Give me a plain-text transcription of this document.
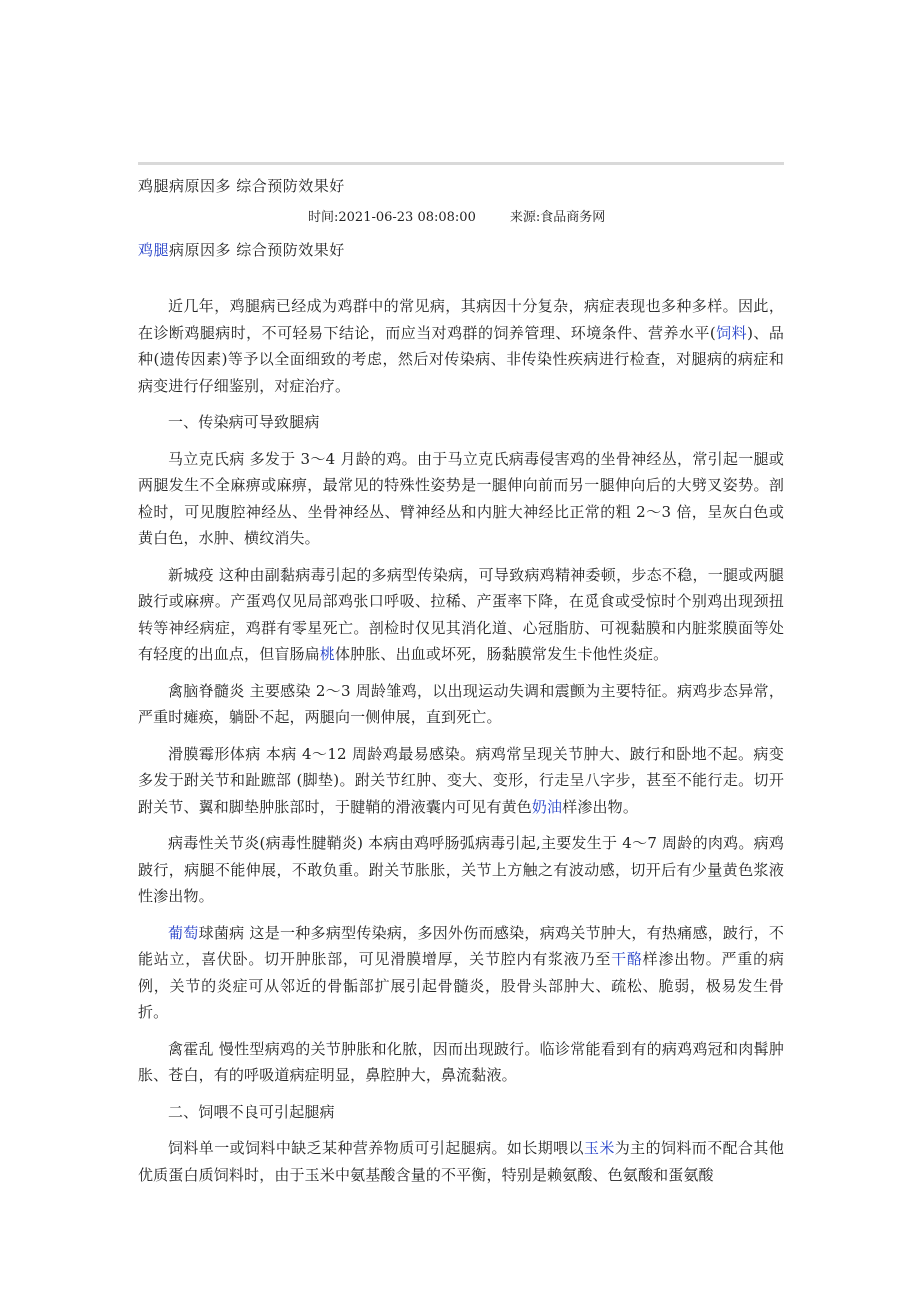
鸡腿病原因多 综合预防效果好
时间:2021-06-23 08:08:00	来源:食品商务网
鸡腿病原因多 综合预防效果好

近几年，鸡腿病已经成为鸡群中的常见病，其病因十分复杂，病症表现也多种多样。因此，在诊断鸡腿病时，不可轻易下结论，而应当对鸡群的饲养管理、环境条件、营养水平(饲料)、品种(遗传因素)等予以全面细致的考虑，然后对传染病、非传染性疾病进行检查，对腿病的病症和病变进行仔细鉴别，对症治疗。

一、传染病可导致腿病

马立克氏病 多发于 3～4 月龄的鸡。由于马立克氏病毒侵害鸡的坐骨神经丛，常引起一腿或两腿发生不全麻痹或麻痹，最常见的特殊性姿势是一腿伸向前而另一腿伸向后的大劈叉姿势。剖检时，可见腹腔神经丛、坐骨神经丛、臂神经丛和内脏大神经比正常的粗 2～3 倍，呈灰白色或黄白色，水肿、横纹消失。

新城疫 这种由副黏病毒引起的多病型传染病，可导致病鸡精神委顿，步态不稳，一腿或两腿跛行或麻痹。产蛋鸡仅见局部鸡张口呼吸、拉稀、产蛋率下降，在觅食或受惊时个别鸡出现颈扭转等神经病症，鸡群有零星死亡。剖检时仅见其消化道、心冠脂肪、可视黏膜和内脏浆膜面等处有轻度的出血点，但盲肠扁桃体肿胀、出血或坏死，肠黏膜常发生卡他性炎症。

禽脑脊髓炎 主要感染 2～3 周龄雏鸡，以出现运动失调和震颤为主要特征。病鸡步态异常，严重时瘫痪，躺卧不起，两腿向一侧伸展，直到死亡。

滑膜霉形体病 本病 4～12 周龄鸡最易感染。病鸡常呈现关节肿大、跛行和卧地不起。病变多发于跗关节和趾蹠部 (脚垫)。跗关节红肿、变大、变形，行走呈八字步，甚至不能行走。切开跗关节、翼和脚垫肿胀部时，于腱鞘的滑液囊内可见有黄色奶油样渗出物。

病毒性关节炎(病毒性腱鞘炎) 本病由鸡呼肠弧病毒引起,主要发生于 4～7 周龄的肉鸡。病鸡跛行，病腿不能伸展，不敢负重。跗关节胀胀，关节上方触之有波动感，切开后有少量黄色浆液性渗出物。

葡萄球菌病 这是一种多病型传染病，多因外伤而感染，病鸡关节肿大，有热痛感，跛行，不能站立，喜伏卧。切开肿胀部，可见滑膜增厚，关节腔内有浆液乃至干酪样渗出物。严重的病例，关节的炎症可从邻近的骨骺部扩展引起骨髓炎，股骨头部肿大、疏松、脆弱，极易发生骨折。

禽霍乱 慢性型病鸡的关节肿胀和化脓，因而出现跛行。临诊常能看到有的病鸡鸡冠和肉髯肿胀、苍白，有的呼吸道病症明显，鼻腔肿大，鼻流黏液。

二、饲喂不良可引起腿病

饲料单一或饲料中缺乏某种营养物质可引起腿病。如长期喂以玉米为主的饲料而不配合其他优质蛋白质饲料时，由于玉米中氨基酸含量的不平衡，特别是赖氨酸、色氨酸和蛋氨酸
